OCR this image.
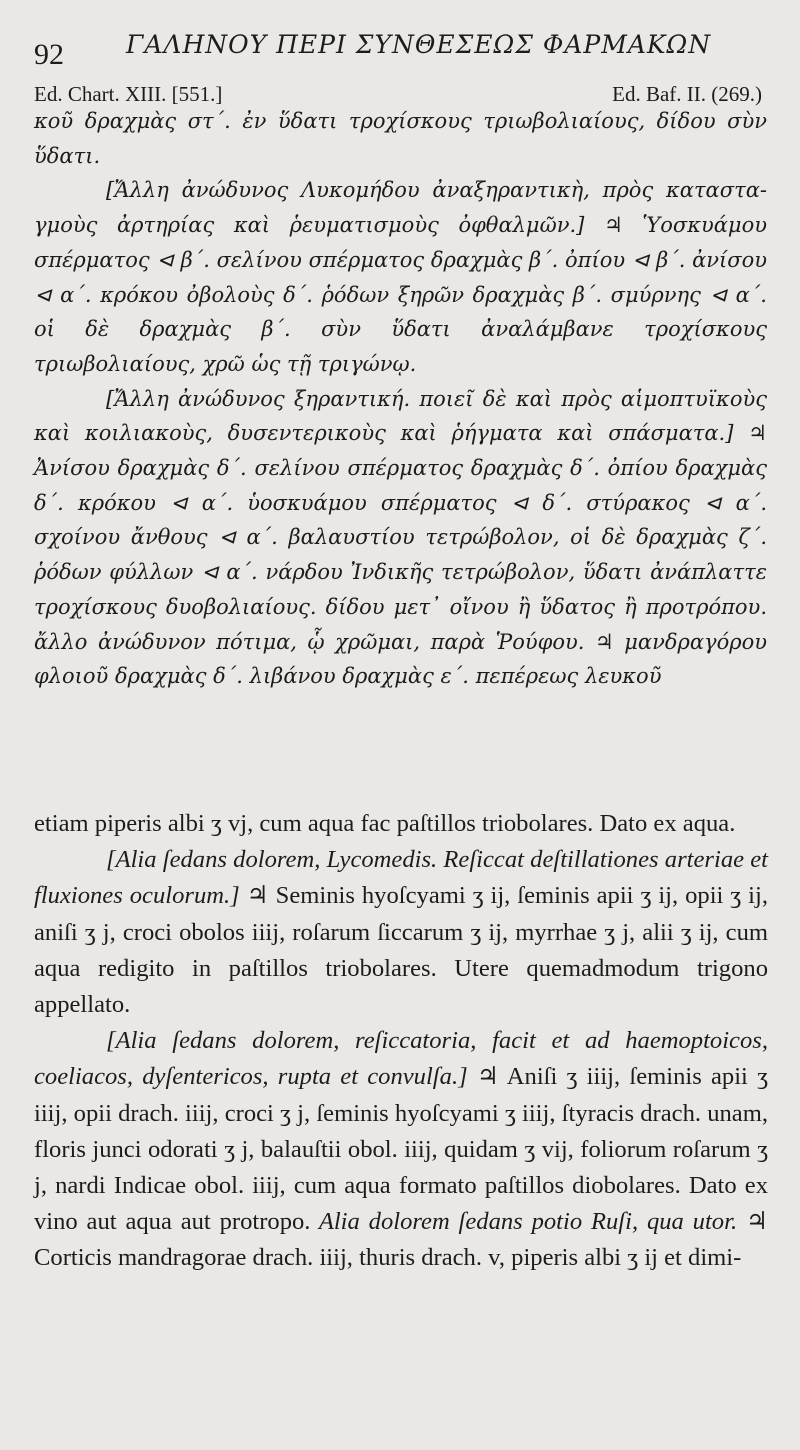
92 ΓΑΛΗΝΟΥ ΠΕΡΙ ΣΥΝΘΕΣΕΩΣ ΦΑΡΜΑΚΩΝ
Ed. Chart. XIII. [551.]	Ed. Baf. II. (269.)

κοῦ δραχμὰς στ΄. ἐν ὕδατι τροχίσκους τριωβολιαίους, δίδου σὺν ὕδατι.

[Ἄλλη ἀνώδυνος Λυκομήδου ἀναξηραντικὴ, πρὸς κατασταγμοὺς ἀρτηρίας καὶ ῥευματισμοὺς ὀφθαλμῶν.] ♃ Ὑοσκυάμου σπέρματος ⊲ β΄. σελίνου σπέρματος δραχμὰς β΄. ὀπίου ⊲ β΄. ἀνίσου ⊲ α΄. κρόκου ὀβολοὺς δ΄. ῥόδων ξηρῶν δραχμὰς β΄. σμύρνης ⊲ α΄. οἱ δὲ δραχμὰς β΄. σὺν ὕδατι ἀναλάμβανε τροχίσκους τριωβολιαίους, χρῶ ὡς τῇ τριγώνῳ.

[Ἄλλη ἀνώδυνος ξηραντική. ποιεῖ δὲ καὶ πρὸς αἱμοπτυϊκοὺς καὶ κοιλιακοὺς, δυσεντερικοὺς καὶ ῥήγματα καὶ σπάσματα.] ♃ Ἀνίσου δραχμὰς δ΄. σελίνου σπέρματος δραχμὰς δ΄. ὀπίου δραχμὰς δ΄. κρόκου ⊲ α΄. ὑοσκυάμου σπέρματος ⊲ δ΄. στύρακος ⊲ α΄. σχοίνου ἄνθους ⊲ α΄. βαλαυστίου τετρώβολον, οἱ δὲ δραχμὰς ζ΄. ῥόδων φύλλων ⊲ α΄. νάρδου Ἰνδικῆς τετρώβολον, ὕδατι ἀνάπλαττε τροχίσκους δυοβολιαίους. δίδου μετ᾽ οἴνου ἢ ὕδατος ἢ προτρόπου. ἄλλο ἀνώδυνον πότιμα, ᾧ χρῶμαι, παρὰ Ῥούφου. ♃ μανδραγόρου φλοιοῦ δραχμὰς δ΄. λιβάνου δραχμὰς ε΄. πεπέρεως λευκοῦ

etiam piperis albi ʒ vj, cum aqua fac paſtillos triobolares. Dato ex aqua.

[Alia ſedans dolorem, Lycomedis. Reſiccat deſtillationes arteriae et fluxiones oculorum.] ♃ Seminis hyoſcyami ʒ ij, ſeminis apii ʒ ij, opii ʒ ij, aniſi ʒ j, croci obolos iiij, roſarum ſiccarum ʒ ij, myrrhae ʒ j, alii ʒ ij, cum aqua redigito in paſtillos triobolares. Utere quemadmodum trigono appellato.

[Alia ſedans dolorem, reſiccatoria, facit et ad haemoptoicos, coeliacos, dyſentericos, rupta et convulſa.] ♃ Aniſi ʒ iiij, ſeminis apii ʒ iiij, opii drach. iiij, croci ʒ j, ſeminis hyoſcyami ʒ iiij, ſtyracis drach. unam, floris junci odorati ʒ j, balauſtii obol. iiij, quidam ʒ vij, foliorum roſarum ʒ j, nardi Indicae obol. iiij, cum aqua formato paſtillos diobolares. Dato ex vino aut aqua aut protropo. Alia dolorem ſedans potio Ruſi, qua utor. ♃ Corticis mandragorae drach. iiij, thuris drach. v, piperis albi ʒ ij et dimi-
